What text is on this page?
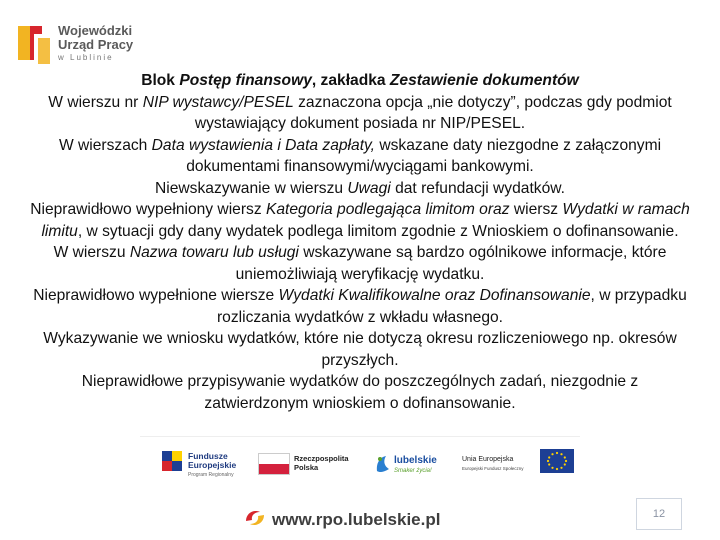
Wojewódzki
Urząd Pracy
w Lublinie

Blok Postęp finansowy, zakładka Zestawienie dokumentów

W wierszu nr NIP wystawcy/PESEL zaznaczona opcja „nie dotyczy”, podczas gdy podmiot wystawiający dokument posiada nr NIP/PESEL.

W wierszach Data wystawienia i Data zapłaty, wskazane daty niezgodne z załączonymi dokumentami finansowymi/wyciągami bankowymi.

Niewskazywanie w wierszu Uwagi dat refundacji wydatków.

Nieprawidłowo wypełniony wiersz Kategoria podlegająca limitom oraz wiersz Wydatki w ramach limitu, w sytuacji gdy dany wydatek podlega limitom zgodnie z Wnioskiem o dofinansowanie.

W wierszu Nazwa towaru lub usługi wskazywane są bardzo ogólnikowe informacje, które uniemożliwiają weryfikację wydatku.

Nieprawidłowo wypełnione wiersze Wydatki Kwalifikowalne oraz Dofinansowanie, w przypadku rozliczania wydatków z wkładu własnego.

Wykazywanie we wniosku wydatków, które nie dotyczą okresu rozliczeniowego np. okresów przyszłych.

Nieprawidłowe przypisywanie wydatków do poszczególnych zadań, niezgodnie z zatwierdzonym wnioskiem o dofinansowanie.

Fundusze
Europejskie
Program Regionalny
Rzeczpospolita
Polska
lubelskie
Smaker życia!
Unia Europejska
Europejski Fundusz Społeczny
www.rpo.lubelskie.pl	12
